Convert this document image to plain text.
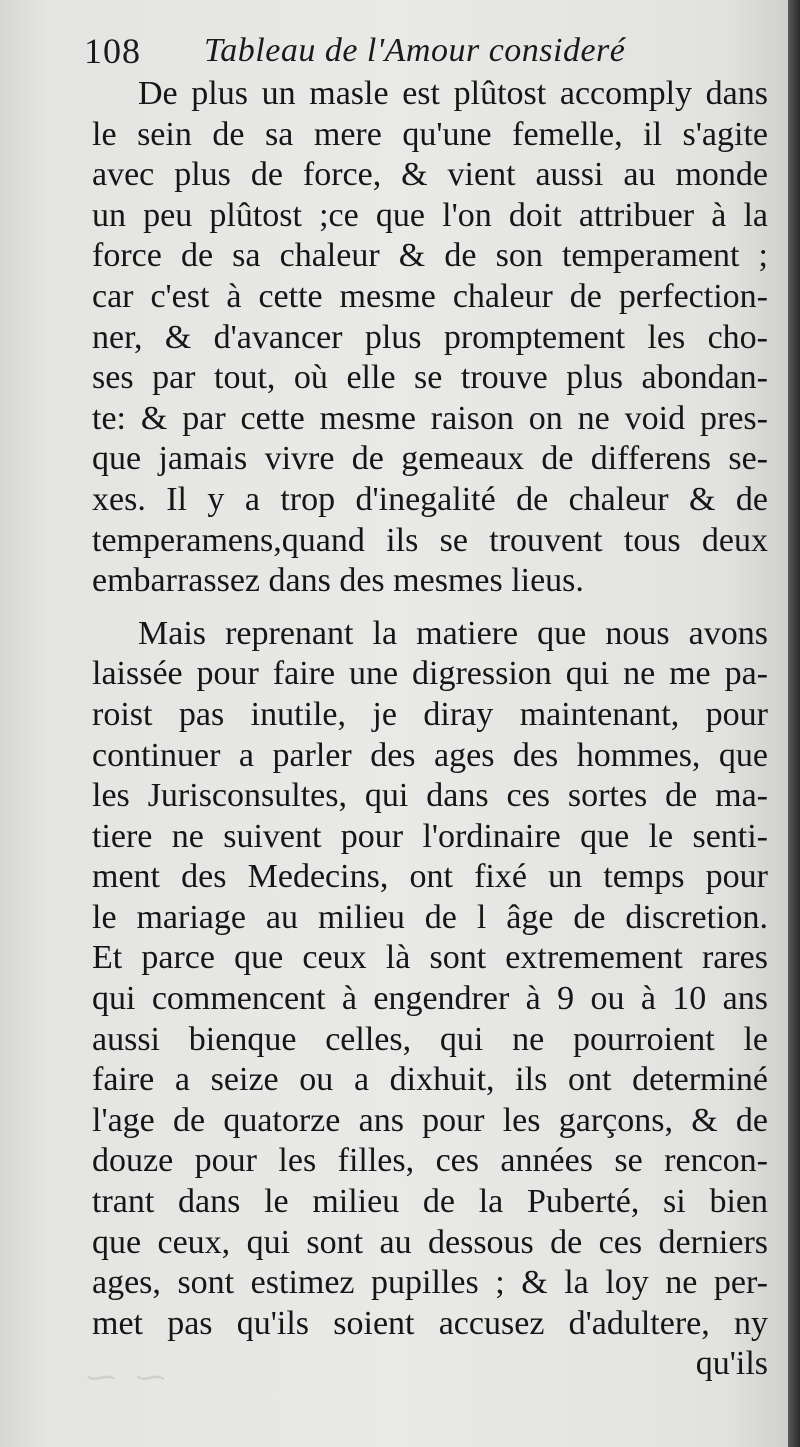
108 Tableau de l'Amour consideré
De plus un masle est plûtost accomply dans
le sein de sa mere qu'une femelle, il s'agite
avec plus de force, & vient aussi au monde
un peu plûtost ;ce que l'on doit attribuer à la
force de sa chaleur & de son temperament ;
car c'est à cette mesme chaleur de perfection-
ner, & d'avancer plus promptement les cho-
ses par tout, où elle se trouve plus abondan-
te: & par cette mesme raison on ne void pres-
que jamais vivre de gemeaux de differens se-
xes. Il y a trop d'inegalité de chaleur & de
temperamens,quand ils se trouvent tous deux
embarrassez dans des mesmes lieus.
Mais reprenant la matiere que nous avons
laissée pour faire une digression qui ne me pa-
roist pas inutile, je diray maintenant, pour
continuer a parler des ages des hommes, que
les Jurisconsultes, qui dans ces sortes de ma-
tiere ne suivent pour l'ordinaire que le senti-
ment des Medecins, ont fixé un temps pour
le mariage au milieu de l âge de discretion.
Et parce que ceux là sont extremement rares
qui commencent à engendrer à 9 ou à 10 ans
aussi bienque celles, qui ne pourroient le
faire a seize ou a dixhuit, ils ont determiné
l'age de quatorze ans pour les garçons, & de
douze pour les filles, ces années se rencon-
trant dans le milieu de la Puberté, si bien
que ceux, qui sont au dessous de ces derniers
ages, sont estimez pupilles ; & la loy ne per-
met pas qu'ils soient accusez d'adultere, ny
qu'ils
⁓ ⁓
